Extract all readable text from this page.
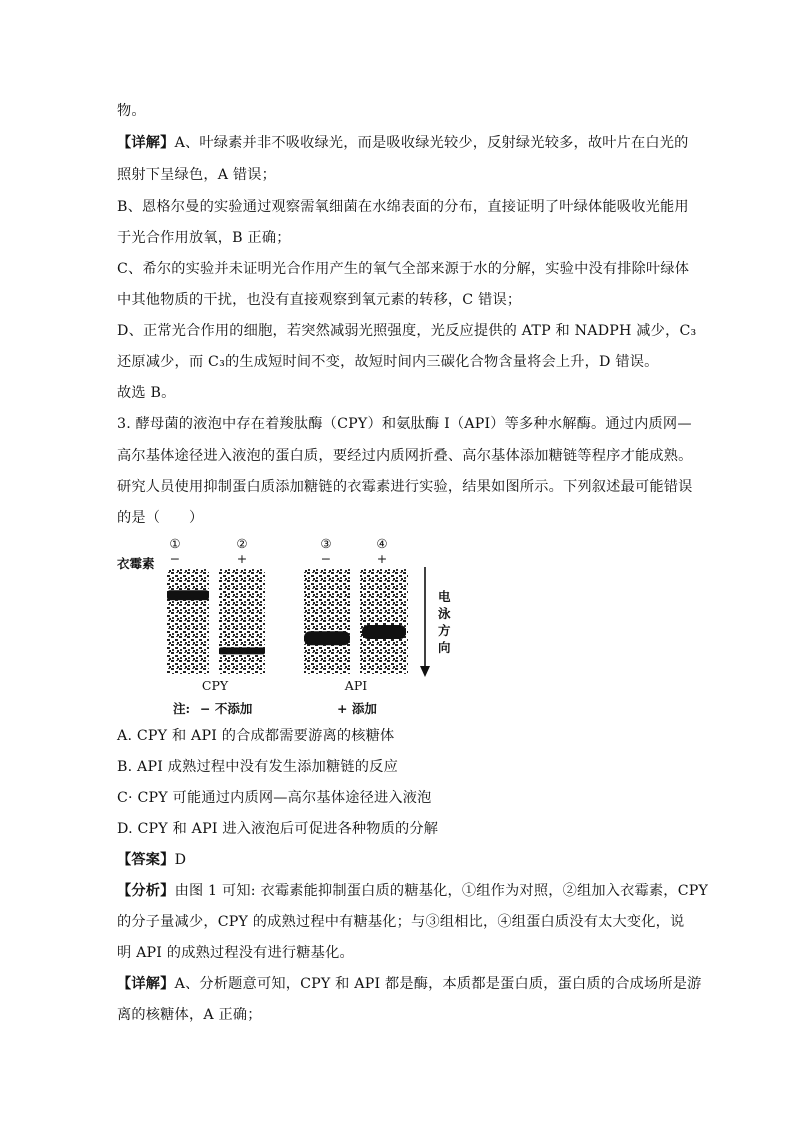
物。
【详解】A、叶绿素并非不吸收绿光，而是吸收绿光较少，反射绿光较多，故叶片在白光的
照射下呈绿色，A 错误；
B、恩格尔曼的实验通过观察需氧细菌在水绵表面的分布，直接证明了叶绿体能吸收光能用
于光合作用放氧，B 正确；
C、希尔的实验并未证明光合作用产生的氧气全部来源于水的分解，实验中没有排除叶绿体
中其他物质的干扰，也没有直接观察到氧元素的转移，C 错误；
D、正常光合作用的细胞，若突然减弱光照强度，光反应提供的 ATP 和 NADPH 减少，C₃
还原减少，而 C₃的生成短时间不变，故短时间内三碳化合物含量将会上升，D 错误。
故选 B。
3. 酵母菌的液泡中存在着羧肽酶（CPY）和氨肽酶 I（API）等多种水解酶。通过内质网—
高尔基体途径进入液泡的蛋白质，要经过内质网折叠、高尔基体添加糖链等程序才能成熟。
研究人员使用抑制蛋白质添加糖链的衣霉素进行实验，结果如图所示。下列叙述最可能错误
的是（　　）
衣霉素
①	②	③	④
−	+	−	+
电
泳
方
向
CPY	API
注: − 不添加	+ 添加
A. CPY 和 API 的合成都需要游离的核糖体
B. API 成熟过程中没有发生添加糖链的反应
C· CPY 可能通过内质网—高尔基体途径进入液泡
D. CPY 和 API 进入液泡后可促进各种物质的分解
【答案】D
【分析】由图 1 可知: 衣霉素能抑制蛋白质的糖基化，①组作为对照，②组加入衣霉素，CPY
的分子量减少，CPY 的成熟过程中有糖基化；与③组相比，④组蛋白质没有太大变化，说
明 API 的成熟过程没有进行糖基化。
【详解】A、分析题意可知，CPY 和 API 都是酶，本质都是蛋白质，蛋白质的合成场所是游
离的核糖体，A 正确；
